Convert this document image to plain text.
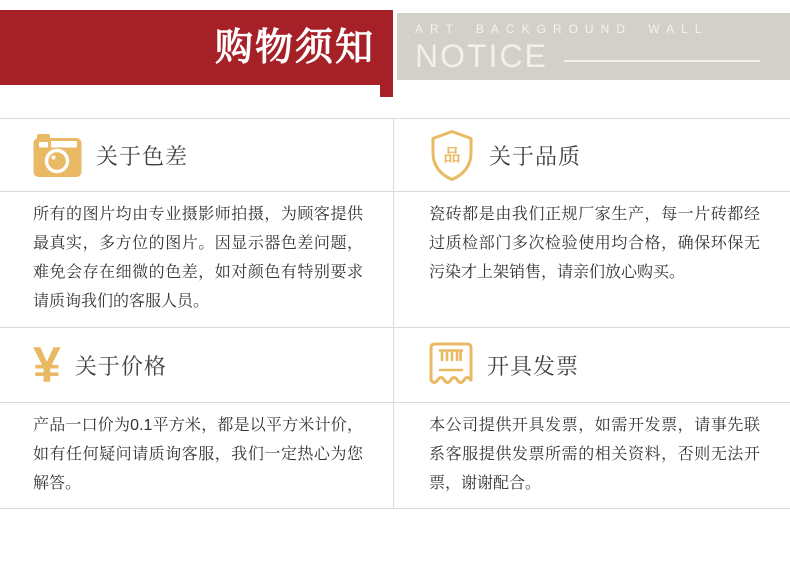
购物须知	ART BACKGROUND WALL
NOTICE
关于色差
所有的图片均由专业摄影师拍摄，为顾客提供最真实，多方位的图片。因显示器色差问题，难免会存在细微的色差，如对颜色有特别要求请质询我们的客服人员。
品 关于品质
瓷砖都是由我们正规厂家生产，每一片砖都经过质检部门多次检验使用均合格，确保环保无污染才上架销售，请亲们放心购买。
¥ 关于价格
产品一口价为0.1平方米，都是以平方米计价，如有任何疑问请质询客服，我们一定热心为您解答。
开具发票
本公司提供开具发票，如需开发票，请事先联系客服提供发票所需的相关资料，否则无法开票，谢谢配合。
